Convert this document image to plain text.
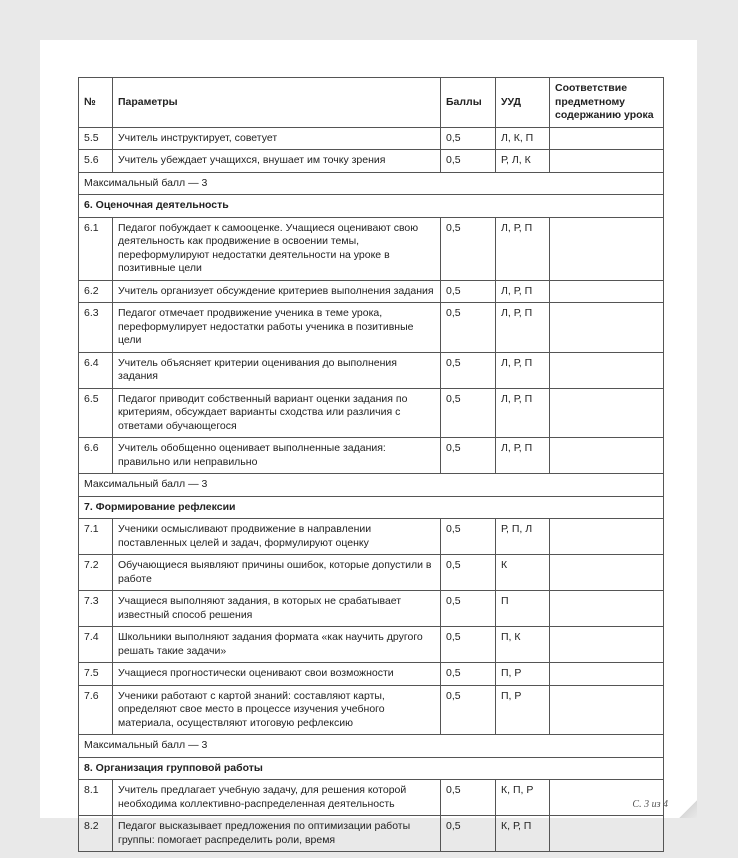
№	Параметры	Баллы	УУД	Соответствие предметному содержанию урока
5.5	Учитель инструктирует, советует	0,5	Л, К, П	
5.6	Учитель убеждает учащихся, внушает им точку зрения	0,5	Р, Л, К	
Максимальный балл — 3				
6. Оценочная деятельность				
6.1	Педагог побуждает к самооценке. Учащиеся оценивают свою деятельность как продвижение в освоении темы, переформулируют недостатки деятельности на уроке в позитивные цели	0,5	Л, Р, П	
6.2	Учитель организует обсуждение критериев выполнения задания	0,5	Л, Р, П	
6.3	Педагог отмечает продвижение ученика в теме урока, переформулирует недостатки работы ученика в позитивные цели	0,5	Л, Р, П	
6.4	Учитель объясняет критерии оценивания до выполнения задания	0,5	Л, Р, П	
6.5	Педагог приводит собственный вариант оценки задания по критериям, обсуждает варианты сходства или различия с ответами обучающегося	0,5	Л, Р, П	
6.6	Учитель обобщенно оценивает выполненные задания: правильно или неправильно	0,5	Л, Р, П	
Максимальный балл — 3				
7. Формирование рефлексии				
7.1	Ученики осмысливают продвижение в направлении поставленных целей и задач, формулируют оценку	0,5	Р, П, Л	
7.2	Обучающиеся выявляют причины ошибок, которые допустили в работе	0,5	К	
7.3	Учащиеся выполняют задания, в которых не срабатывает известный способ решения	0,5	П	
7.4	Школьники выполняют задания формата «как научить другого решать такие задачи»	0,5	П, К	
7.5	Учащиеся прогностически оценивают свои возможности	0,5	П, Р	
7.6	Ученики работают с картой знаний: составляют карты, определяют свое место в процессе изучения учебного материала, осуществляют итоговую рефлексию	0,5	П, Р	
Максимальный балл — 3				
8. Организация групповой работы				
8.1	Учитель предлагает учебную задачу, для решения которой необходима коллективно-распределенная деятельность	0,5	К, П, Р	
8.2	Педагог высказывает предложения по оптимизации работы группы: помогает распределить роли, время	0,5	К, Р, П	
С. 3 из 4
